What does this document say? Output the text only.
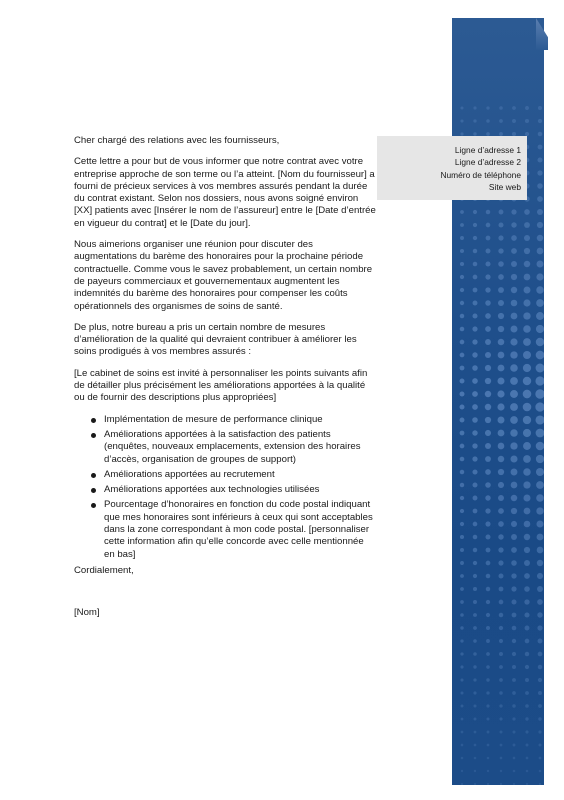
Ligne d’adresse 1
Ligne d’adresse 2
Numéro de téléphone
Site web

Cher chargé des relations avec les fournisseurs,

Cette lettre a pour but de vous informer que notre contrat avec votre entreprise approche de son terme ou l’a atteint. [Nom du fournisseur] a fourni de précieux services à vos membres assurés pendant la durée du contrat existant. Selon nos dossiers, nous avons soigné environ [XX] patients avec [Insérer le nom de l’assureur] entre le [Date d’entrée en vigueur du contrat] et le [Date du jour].

Nous aimerions organiser une réunion pour discuter des augmentations du barème des honoraires pour la prochaine période contractuelle. Comme vous le savez probablement, un certain nombre de payeurs commerciaux et gouvernementaux augmentent les indemnités du barème des honoraires pour compenser les coûts opérationnels des organismes de soins de santé.

De plus, notre bureau a pris un certain nombre de mesures d’amélioration de la qualité qui devraient contribuer à améliorer les soins prodigués à vos membres assurés :

[Le cabinet de soins est invité à personnaliser les points suivants afin de détailler plus précisément les améliorations apportées à la qualité ou de fournir des descriptions plus appropriées]

Implémentation de mesure de performance clinique
Améliorations apportées à la satisfaction des patients (enquêtes, nouveaux emplacements, extension des horaires d’accès, organisation de groupes de support)
Améliorations apportées au recrutement
Améliorations apportées aux technologies utilisées
Pourcentage d’honoraires en fonction du code postal indiquant que mes honoraires sont inférieurs à ceux qui sont acceptables dans la zone correspondant à mon code postal. [personnaliser cette information afin qu’elle concorde avec celle mentionnée en bas]
Cordialement,
[Nom]
